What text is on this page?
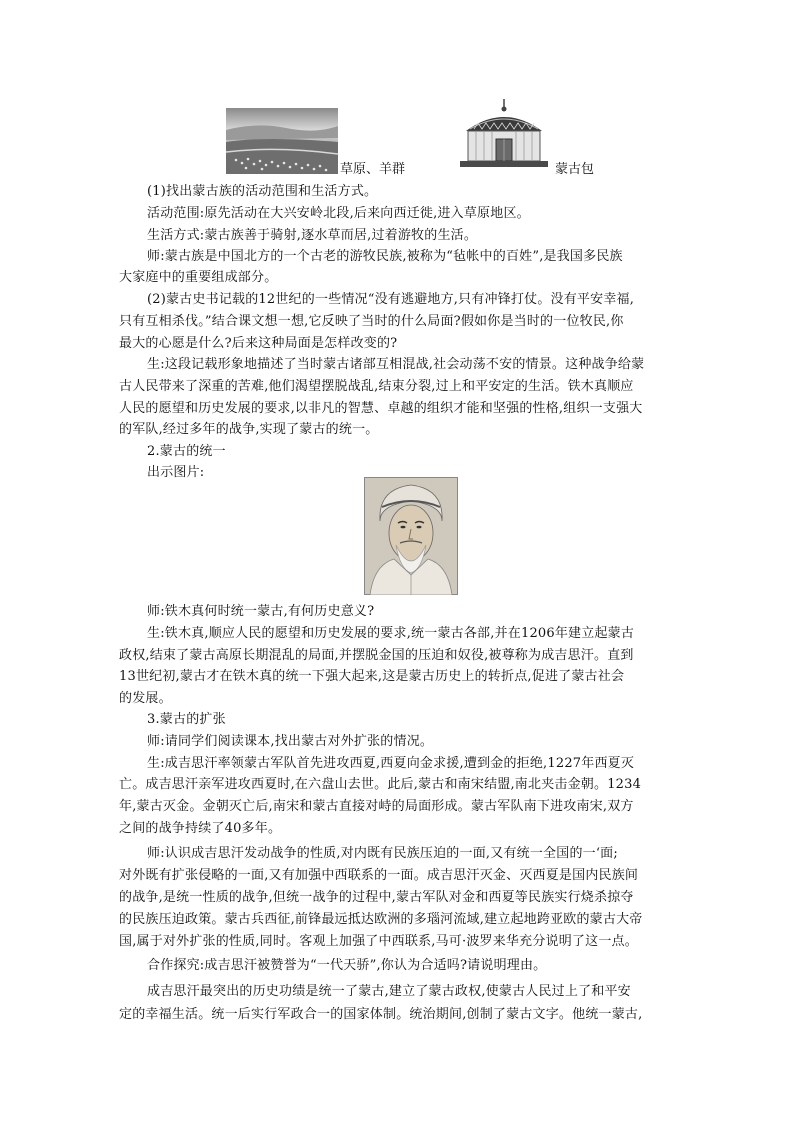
草原、羊群	蒙古包
(1)找出蒙古族的活动范围和生活方式。
活动范围:原先活动在大兴安岭北段,后来向西迁徙,进入草原地区。
生活方式:蒙古族善于骑射,逐水草而居,过着游牧的生活。
师:蒙古族是中国北方的一个古老的游牧民族,被称为“毡帐中的百姓”,是我国多民族
大家庭中的重要组成部分。
(2)蒙古史书记载的12世纪的一些情况“没有逃避地方,只有冲锋打仗。没有平安幸福,
只有互相杀伐。”结合课文想一想,它反映了当时的什么局面?假如你是当时的一位牧民,你
最大的心愿是什么?后来这种局面是怎样改变的?
生:这段记载形象地描述了当时蒙古诸部互相混战,社会动荡不安的情景。这种战争给蒙
古人民带来了深重的苦难,他们渴望摆脱战乱,结束分裂,过上和平安定的生活。铁木真顺应
人民的愿望和历史发展的要求,以非凡的智慧、卓越的组织才能和坚强的性格,组织一支强大
的军队,经过多年的战争,实现了蒙古的统一。
2.蒙古的统一
出示图片:
师:铁木真何时统一蒙古,有何历史意义?
生:铁木真,顺应人民的愿望和历史发展的要求,统一蒙古各部,并在1206年建立起蒙古
政权,结束了蒙古高原长期混乱的局面,并摆脱金国的压迫和奴役,被尊称为成吉思汗。直到
13世纪初,蒙古才在铁木真的统一下强大起来,这是蒙古历史上的转折点,促进了蒙古社会
的发展。
3.蒙古的扩张
师:请同学们阅读课本,找出蒙古对外扩张的情况。
生:成吉思汗率领蒙古军队首先进攻西夏,西夏向金求援,遭到金的拒绝,1227年西夏灭
亡。成吉思汗亲军进攻西夏时,在六盘山去世。此后,蒙古和南宋结盟,南北夹击金朝。1234
年,蒙古灭金。金朝灭亡后,南宋和蒙古直接对峙的局面形成。蒙古军队南下进攻南宋,双方
之间的战争持续了40多年。
师:认识成吉思汗发动战争的性质,对内既有民族压迫的一面,又有统一全国的一‘面;
对外既有扩张侵略的一面,又有加强中西联系的一面。成吉思汗灭金、灭西夏是国内民族间
的战争,是统一性质的战争,但统一战争的过程中,蒙古军队对金和西夏等民族实行烧杀掠夺
的民族压迫政策。蒙古兵西征,前锋最远抵达欧洲的多瑙河流域,建立起地跨亚欧的蒙古大帝
国,属于对外扩张的性质,同时。客观上加强了中西联系,马可·波罗来华充分说明了这一点。
合作探究:成吉思汗被赞誉为“一代天骄”,你认为合适吗?请说明理由。
成吉思汗最突出的历史功绩是统一了蒙古,建立了蒙古政权,使蒙古人民过上了和平安
定的幸福生活。统一后实行军政合一的国家体制。统治期间,创制了蒙古文字。他统一蒙古,
